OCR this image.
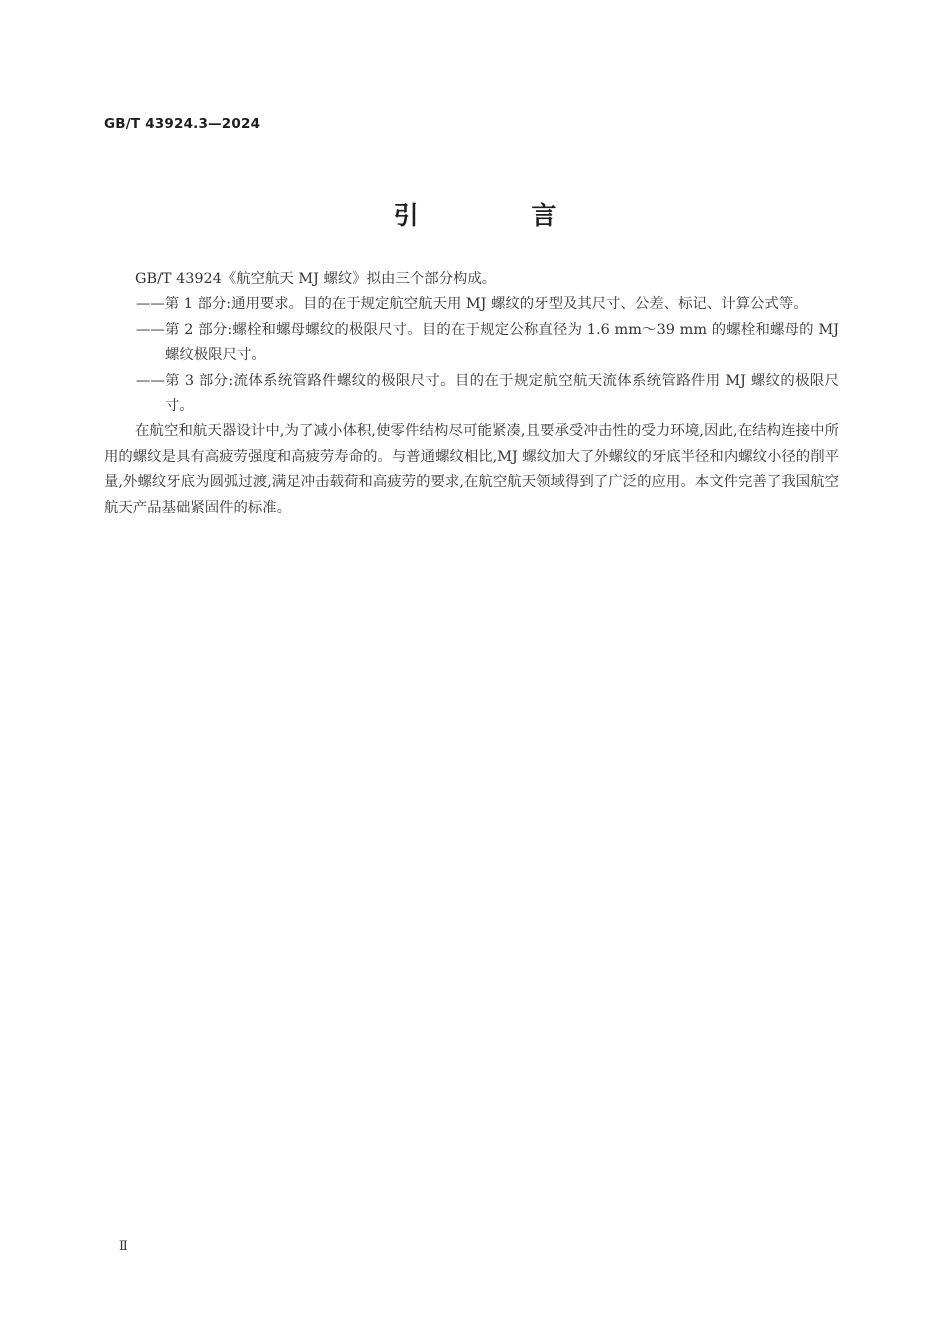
GB/T 43924.3—2024
引 言

GB/T 43924《航空航天 MJ 螺纹》拟由三个部分构成。

——第 1 部分:通用要求。目的在于规定航空航天用 MJ 螺纹的牙型及其尺寸、公差、标记、计算公式等。

——第 2 部分:螺栓和螺母螺纹的极限尺寸。目的在于规定公称直径为 1.6 mm～39 mm 的螺栓和螺母的 MJ 螺纹极限尺寸。

——第 3 部分:流体系统管路件螺纹的极限尺寸。目的在于规定航空航天流体系统管路件用 MJ 螺纹的极限尺寸。

在航空和航天器设计中,为了减小体积,使零件结构尽可能紧凑,且要承受冲击性的受力环境,因此,在结构连接中所用的螺纹是具有高疲劳强度和高疲劳寿命的。与普通螺纹相比,MJ 螺纹加大了外螺纹的牙底半径和内螺纹小径的削平量,外螺纹牙底为圆弧过渡,满足冲击载荷和高疲劳的要求,在航空航天领域得到了广泛的应用。本文件完善了我国航空航天产品基础紧固件的标准。

Ⅱ
